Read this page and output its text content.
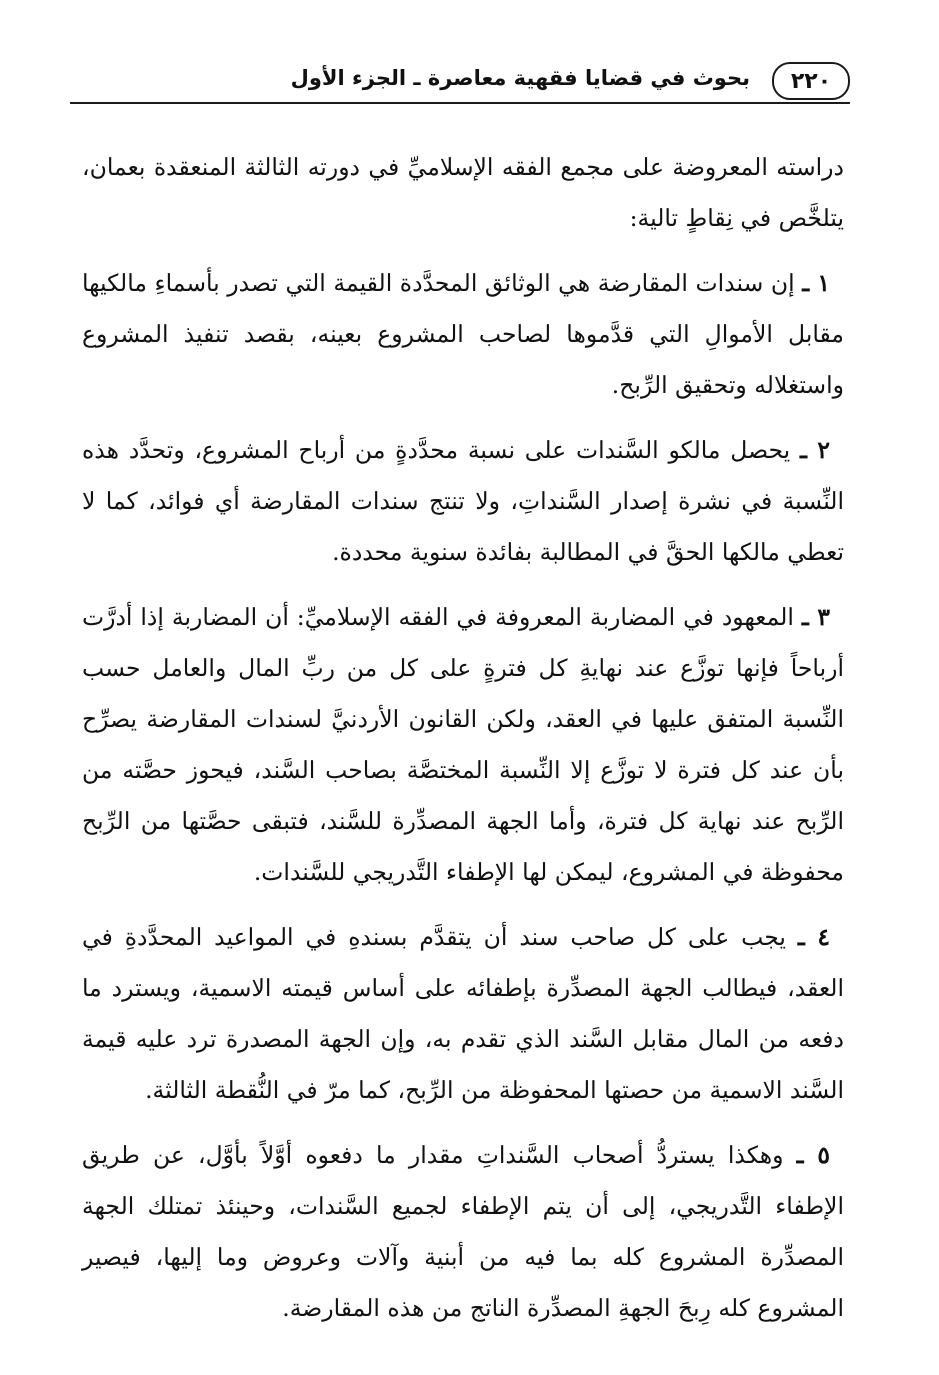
٢٢٠
بحوث في قضايا فقهية معاصرة ـ الجزء الأول

دراسته المعروضة على مجمع الفقه الإسلاميِّ في دورته الثالثة المنعقدة بعمان، يتلخَّص في نِقاطٍ تالية:

١ ـ إن سندات المقارضة هي الوثائق المحدَّدة القيمة التي تصدر بأسماءِ مالكيها مقابل الأموالِ التي قدَّموها لصاحب المشروع بعينه، بقصد تنفيذ المشروع واستغلاله وتحقيق الرِّبح.

٢ ـ يحصل مالكو السَّندات على نسبة محدَّدةٍ من أرباح المشروع، وتحدَّد هذه النِّسبة في نشرة إصدار السَّنداتِ، ولا تنتج سندات المقارضة أي فوائد، كما لا تعطي مالكها الحقَّ في المطالبة بفائدة سنوية محددة.

٣ ـ المعهود في المضاربة المعروفة في الفقه الإسلاميِّ: أن المضاربة إذا أدرَّت أرباحاً فإنها توزَّع عند نهايةِ كل فترةٍ على كل من ربِّ المال والعامل حسب النِّسبة المتفق عليها في العقد، ولكن القانون الأردنيَّ لسندات المقارضة يصرِّح بأن عند كل فترة لا توزَّع إلا النِّسبة المختصَّة بصاحب السَّند، فيحوز حصَّته من الرِّبح عند نهاية كل فترة، وأما الجهة المصدِّرة للسَّند، فتبقى حصَّتها من الرِّبح محفوظة في المشروع، ليمكن لها الإطفاء التَّدريجي للسَّندات.

٤ ـ يجب على كل صاحب سند أن يتقدَّم بسندهِ في المواعيد المحدَّدةِ في العقد، فيطالب الجهة المصدِّرة بإطفائه على أساس قيمته الاسمية، ويسترد ما دفعه من المال مقابل السَّند الذي تقدم به، وإن الجهة المصدرة ترد عليه قيمة السَّند الاسمية من حصتها المحفوظة من الرِّبح، كما مرّ في النُّقطة الثالثة.

٥ ـ وهكذا يستردُّ أصحاب السَّنداتِ مقدار ما دفعوه أوَّلاً بأوَّل، عن طريق الإطفاء التَّدريجي، إلى أن يتم الإطفاء لجميع السَّندات، وحينئذ تمتلك الجهة المصدِّرة المشروع كله بما فيه من أبنية وآلات وعروض وما إليها، فيصير المشروع كله رِبحَ الجهةِ المصدِّرة الناتج من هذه المقارضة.
